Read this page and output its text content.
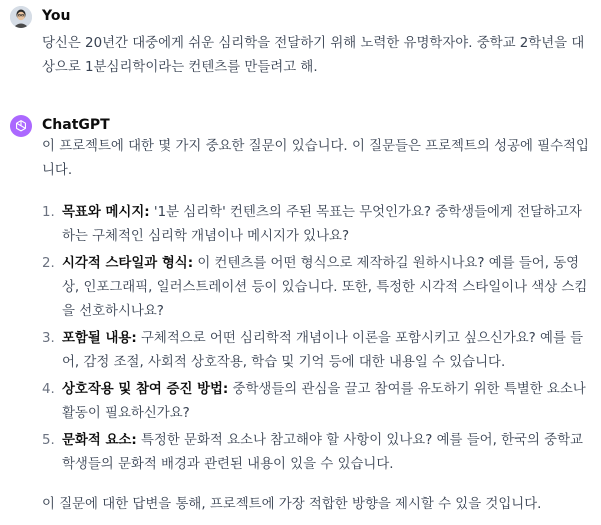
You
당신은 20년간 대중에게 쉬운 심리학을 전달하기 위해 노력한 유명학자야. 중학교 2학년을 대상으로 1분심리학이라는 컨텐츠를 만들려고 해.
ChatGPT
이 프로젝트에 대한 몇 가지 중요한 질문이 있습니다. 이 질문들은 프로젝트의 성공에 필수적입니다.
1. 목표와 메시지: '1분 심리학' 컨텐츠의 주된 목표는 무엇인가요? 중학생들에게 전달하고자 하는 구체적인 심리학 개념이나 메시지가 있나요?
2. 시각적 스타일과 형식: 이 컨텐츠를 어떤 형식으로 제작하길 원하시나요? 예를 들어, 동영상, 인포그래픽, 일러스트레이션 등이 있습니다. 또한, 특정한 시각적 스타일이나 색상 스킴을 선호하시나요?
3. 포함될 내용: 구체적으로 어떤 심리학적 개념이나 이론을 포함시키고 싶으신가요? 예를 들어, 감정 조절, 사회적 상호작용, 학습 및 기억 등에 대한 내용일 수 있습니다.
4. 상호작용 및 참여 증진 방법: 중학생들의 관심을 끌고 참여를 유도하기 위한 특별한 요소나 활동이 필요하신가요?
5. 문화적 요소: 특정한 문화적 요소나 참고해야 할 사항이 있나요? 예를 들어, 한국의 중학교 학생들의 문화적 배경과 관련된 내용이 있을 수 있습니다.
이 질문에 대한 답변을 통해, 프로젝트에 가장 적합한 방향을 제시할 수 있을 것입니다.
